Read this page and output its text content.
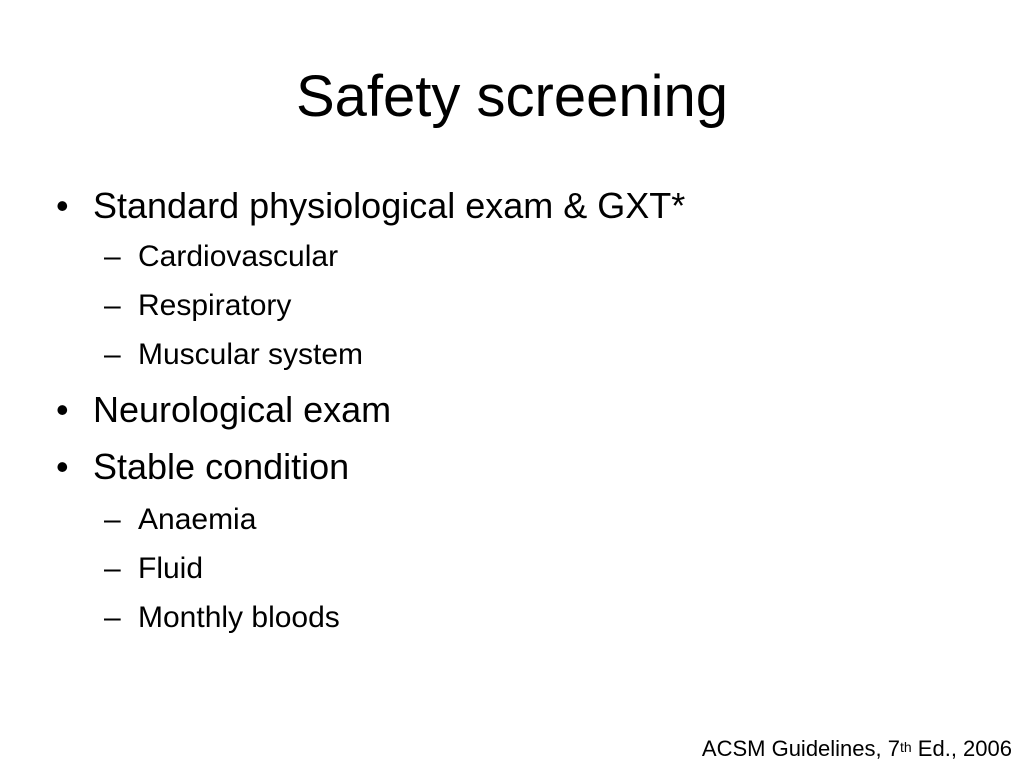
Safety screening
• Standard physiological exam & GXT*
– Cardiovascular
– Respiratory
– Muscular system
• Neurological exam
• Stable condition
– Anaemia
– Fluid
– Monthly bloods
ACSM Guidelines, 7th Ed., 2006
